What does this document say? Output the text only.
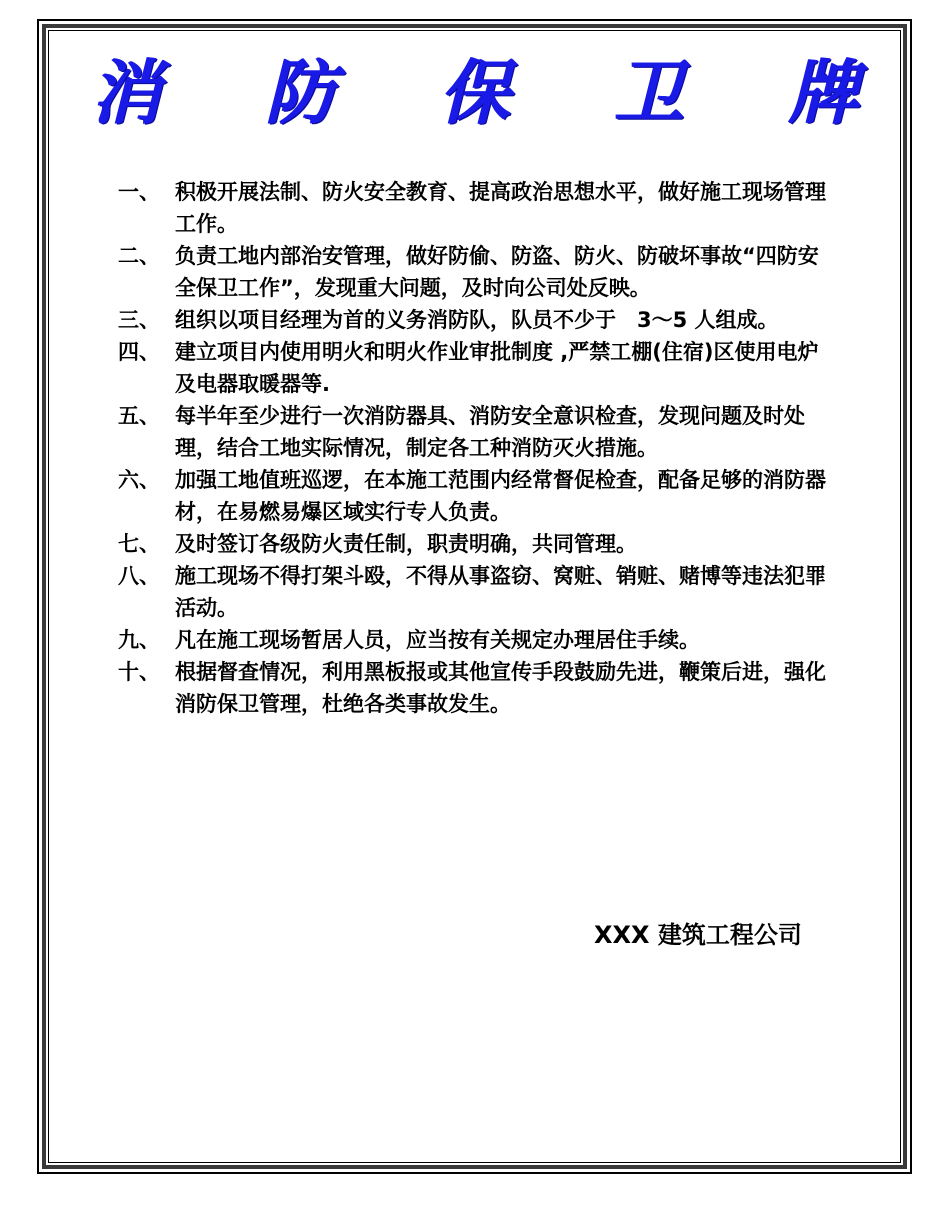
消 防 保 卫 牌
一、 积极开展法制、防火安全教育、提高政治思想水平，做好施工现场管理工作。
二、 负责工地内部治安管理，做好防偷、防盗、防火、防破坏事故“四防安全保卫工作”，发现重大问题，及时向公司处反映。
三、 组织以项目经理为首的义务消防队，队员不少于　3～5 人组成。
四、 建立项目内使用明火和明火作业审批制度 ,严禁工棚(住宿)区使用电炉及电器取暖器等.
五、 每半年至少进行一次消防器具、消防安全意识检查，发现问题及时处理，结合工地实际情况，制定各工种消防灭火措施。
六、 加强工地值班巡逻，在本施工范围内经常督促检查，配备足够的消防器材，在易燃易爆区域实行专人负责。
七、 及时签订各级防火责任制，职责明确，共同管理。
八、 施工现场不得打架斗殴，不得从事盗窃、窝赃、销赃、赌博等违法犯罪活动。
九、 凡在施工现场暂居人员，应当按有关规定办理居住手续。
十、 根据督查情况，利用黑板报或其他宣传手段鼓励先进，鞭策后进，强化消防保卫管理，杜绝各类事故发生。
XXX 建筑工程公司
